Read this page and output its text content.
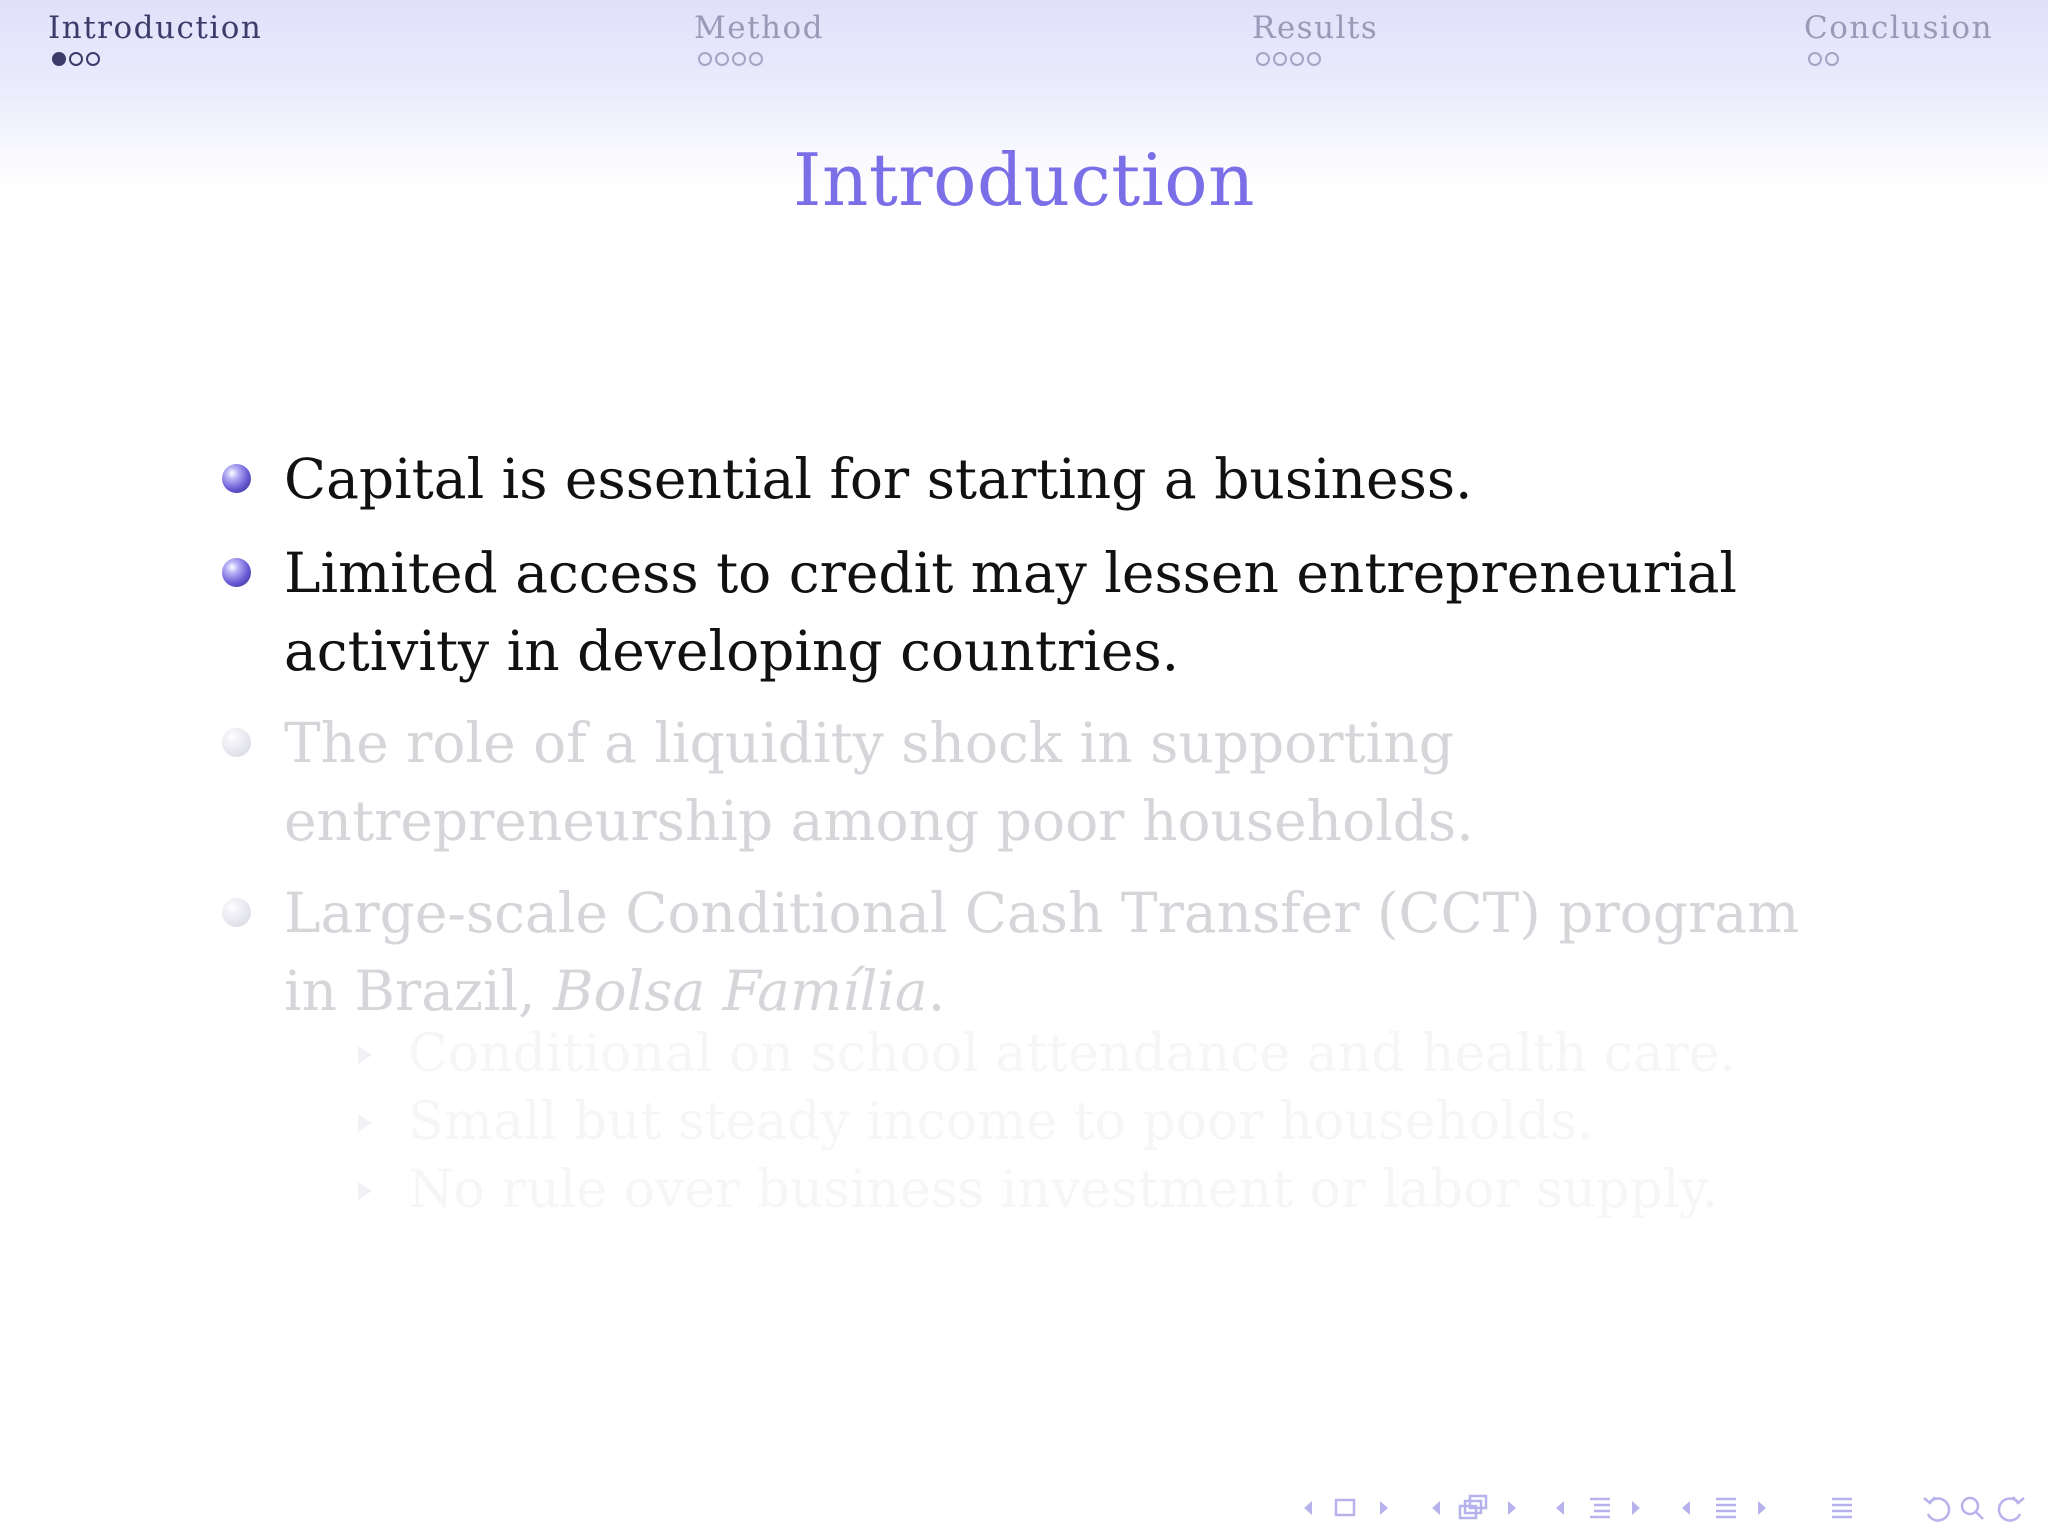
Introduction	Method	Results	Conclusion
Introduction
Capital is essential for starting a business.
Limited access to credit may lessen entrepreneurial activity in developing countries.
The role of a liquidity shock in supporting entrepreneurship among poor households.
Large-scale Conditional Cash Transfer (CCT) program in Brazil, Bolsa Família.
Conditional on school attendance and health care.
Small but steady income to poor households.
No rule over business investment or labor supply.
